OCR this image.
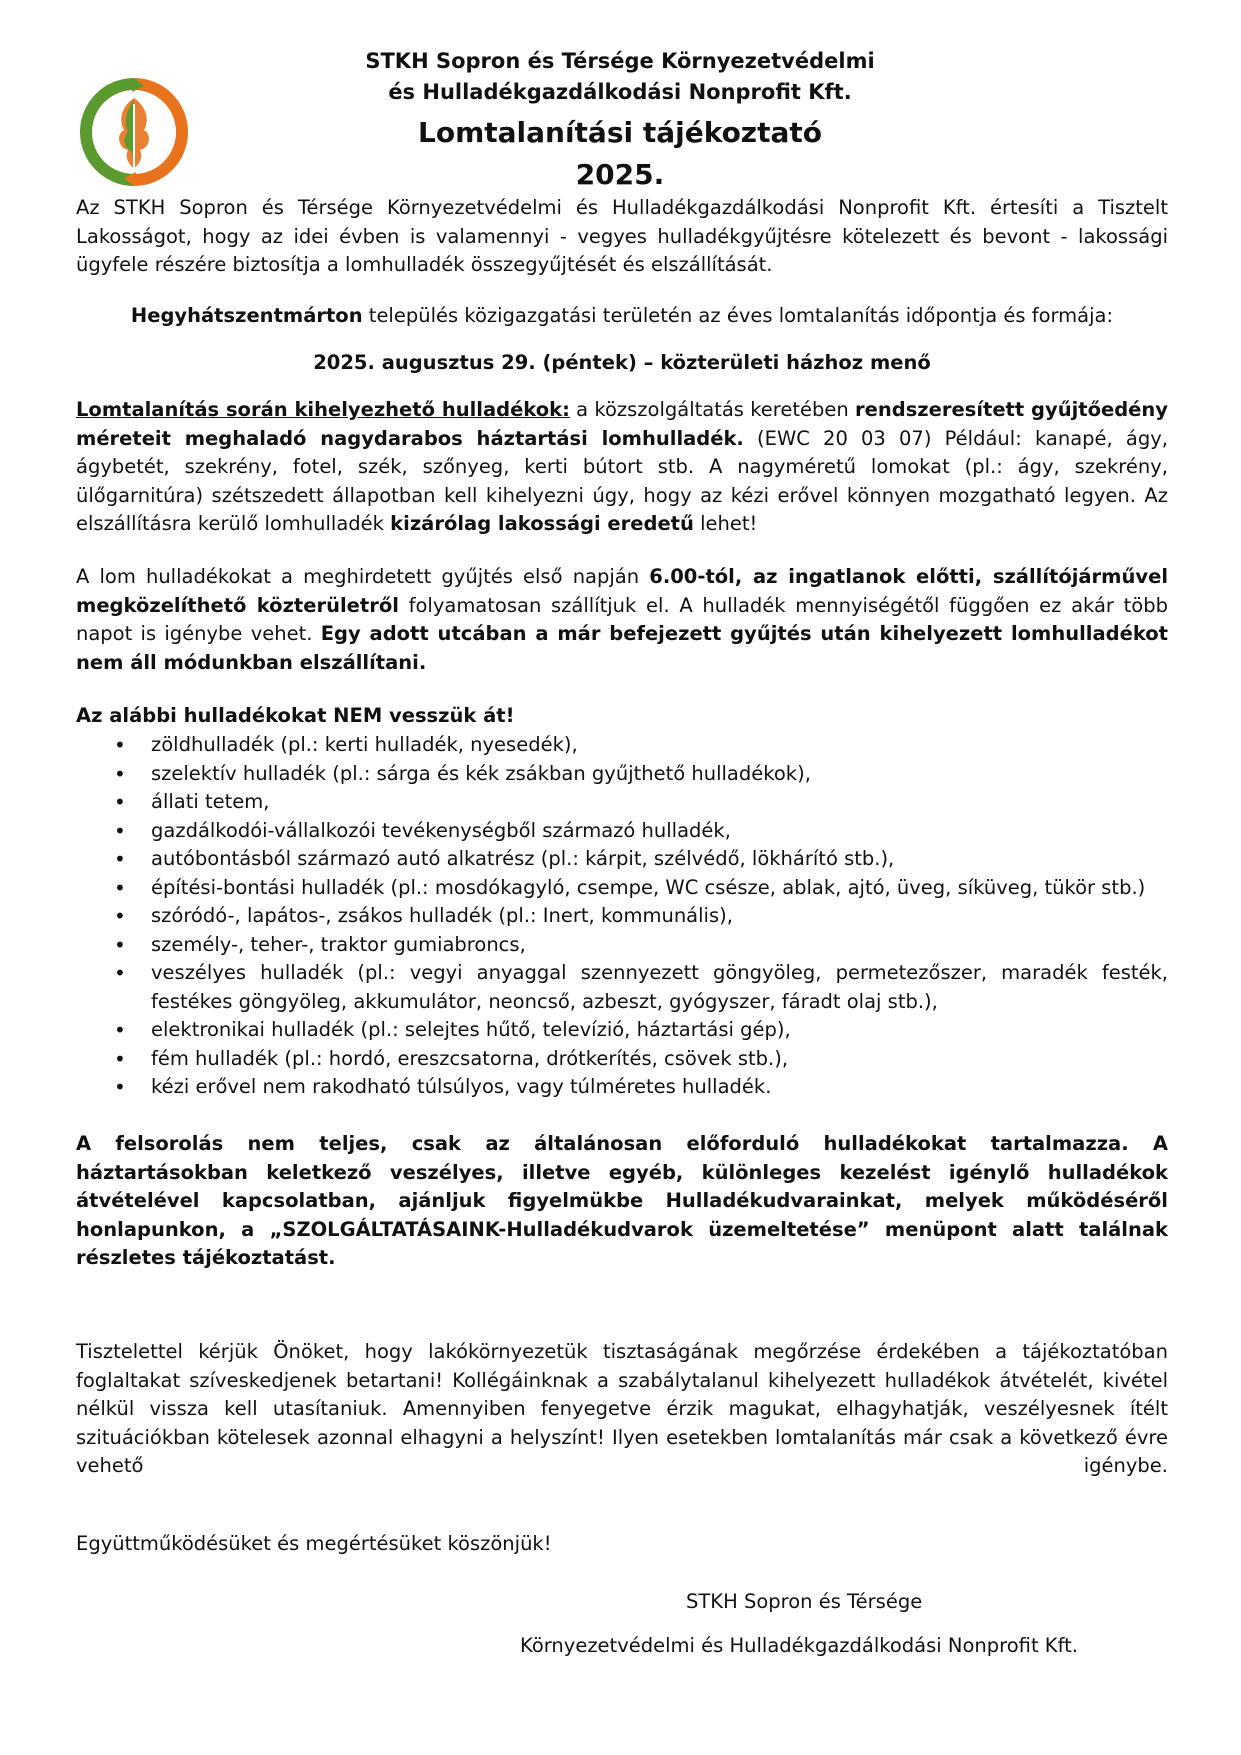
STKH Sopron és Térsége Környezetvédelmi
és Hulladékgazdálkodási Nonprofit Kft.
Lomtalanítási tájékoztató
2025.

Az STKH Sopron és Térsége Környezetvédelmi és Hulladékgazdálkodási Nonprofit Kft. értesíti a Tisztelt Lakosságot, hogy az idei évben is valamennyi - vegyes hulladékgyűjtésre kötelezett és bevont - lakossági ügyfele részére biztosítja a lomhulladék összegyűjtését és elszállítását.

Hegyhátszentmárton település közigazgatási területén az éves lomtalanítás időpontja és formája:

2025. augusztus 29. (péntek) – közterületi házhoz menő

Lomtalanítás során kihelyezhető hulladékok: a közszolgáltatás keretében rendszeresített gyűjtőedény méreteit meghaladó nagydarabos háztartási lomhulladék. (EWC 20 03 07) Például: kanapé, ágy, ágybetét, szekrény, fotel, szék, szőnyeg, kerti bútort stb. A nagyméretű lomokat (pl.: ágy, szekrény, ülőgarnitúra) szétszedett állapotban kell kihelyezni úgy, hogy az kézi erővel könnyen mozgatható legyen. Az elszállításra kerülő lomhulladék kizárólag lakossági eredetű lehet!

A lom hulladékokat a meghirdetett gyűjtés első napján 6.00-tól, az ingatlanok előtti, szállítójárművel megközelíthető közterületről folyamatosan szállítjuk el. A hulladék mennyiségétől függően ez akár több napot is igénybe vehet. Egy adott utcában a már befejezett gyűjtés után kihelyezett lomhulladékot nem áll módunkban elszállítani.

Az alábbi hulladékokat NEM vesszük át!

• zöldhulladék (pl.: kerti hulladék, nyesedék),
• szelektív hulladék (pl.: sárga és kék zsákban gyűjthető hulladékok),
• állati tetem,
• gazdálkodói-vállalkozói tevékenységből származó hulladék,
• autóbontásból származó autó alkatrész (pl.: kárpit, szélvédő, lökhárító stb.),
• építési-bontási hulladék (pl.: mosdókagyló, csempe, WC csésze, ablak, ajtó, üveg, síküveg, tükör stb.)
• szóródó-, lapátos-, zsákos hulladék (pl.: Inert, kommunális),
• személy-, teher-, traktor gumiabroncs,
• veszélyes hulladék (pl.: vegyi anyaggal szennyezett göngyöleg, permetezőszer, maradék festék, festékes göngyöleg, akkumulátor, neoncső, azbeszt, gyógyszer, fáradt olaj stb.),
• elektronikai hulladék (pl.: selejtes hűtő, televízió, háztartási gép),
• fém hulladék (pl.: hordó, ereszcsatorna, drótkerítés, csövek stb.),
• kézi erővel nem rakodható túlsúlyos, vagy túlméretes hulladék.

A felsorolás nem teljes, csak az általánosan előforduló hulladékokat tartalmazza. A háztartásokban keletkező veszélyes, illetve egyéb, különleges kezelést igénylő hulladékok átvételével kapcsolatban, ajánljuk figyelmükbe Hulladékudvarainkat, melyek működéséről honlapunkon, a „SZOLGÁLTATÁSAINK-Hulladékudvarok üzemeltetése” menüpont alatt találnak részletes tájékoztatást.

Tisztelettel kérjük Önöket, hogy lakókörnyezetük tisztaságának megőrzése érdekében a tájékoztatóban foglaltakat szíveskedjenek betartani! Kollégáinknak a szabálytalanul kihelyezett hulladékok átvételét, kivétel nélkül vissza kell utasítaniuk. Amennyiben fenyegetve érzik magukat, elhagyhatják, veszélyesnek ítélt szituációkban kötelesek azonnal elhagyni a helyszínt! Ilyen esetekben lomtalanítás már csak a következő évre vehető igénybe.

Együttműködésüket és megértésüket köszönjük!

STKH Sopron és Térsége
Környezetvédelmi és Hulladékgazdálkodási Nonprofit Kft.
